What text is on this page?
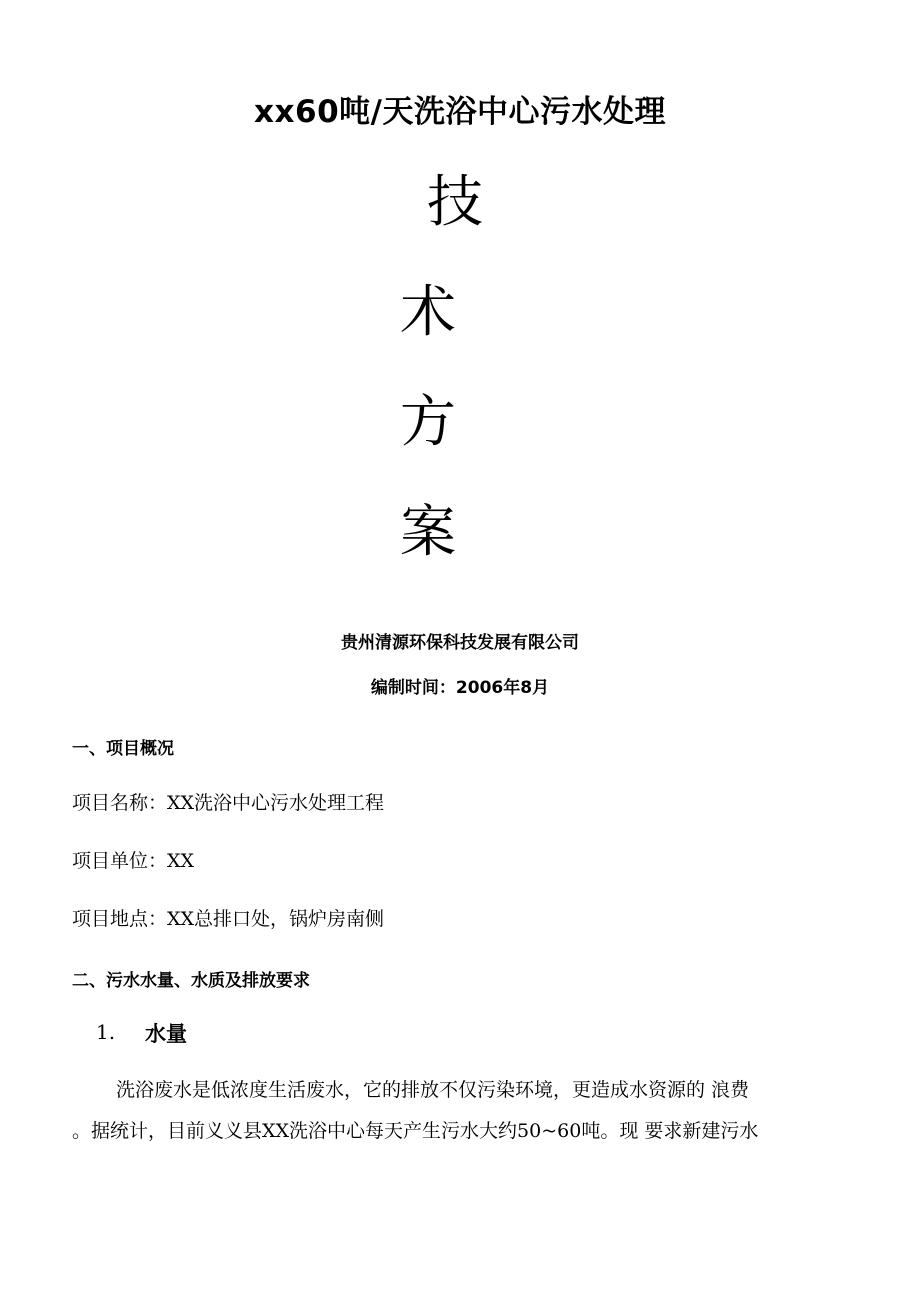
xx60吨/天洗浴中心污水处理
技
术
方
案
贵州清源环保科技发展有限公司
编制时间：2006年8月
一、项目概况
项目名称：XX洗浴中心污水处理工程
项目单位：XX
项目地点：XX总排口处，锅炉房南侧
二、污水水量、水质及排放要求
1. 水量
洗浴废水是低浓度生活废水，它的排放不仅污染环境，更造成水资源的 浪费
。据统计，目前义义县XX洗浴中心每天产生污水大约50~60吨。现 要求新建污水
